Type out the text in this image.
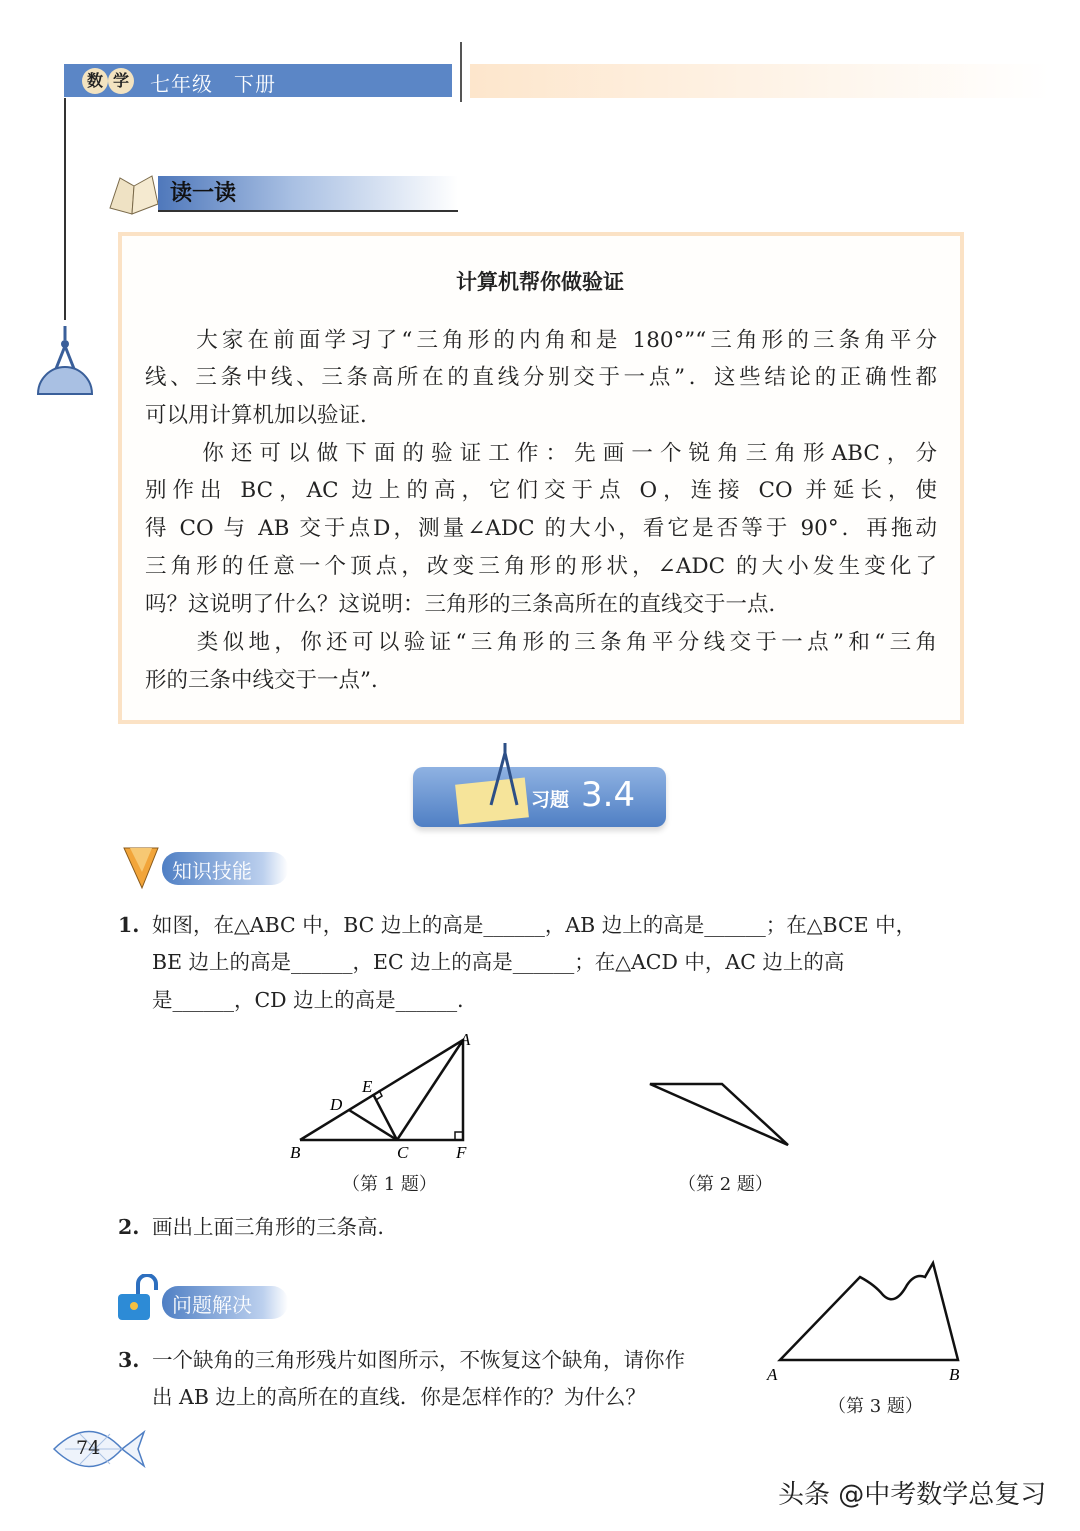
数 学 七年级　下册
读一读
计算机帮你做验证
　　大家在前面学习了“三角形的内角和是 180°”“三角形的三条角平分
线、三条中线、三条高所在的直线分别交于一点”．这些结论的正确性都
可以用计算机加以验证．
　　你还可以做下面的验证工作：先画一个锐角三角形ABC，分
别作出 BC，AC 边上的高，它们交于点 O，连接 CO 并延长，使
得 CO 与 AB 交于点D，测量∠ADC 的大小，看它是否等于 90°．再拖动
三角形的任意一个顶点，改变三角形的形状，∠ADC 的大小发生变化了
吗？这说明了什么？这说明：三角形的三条高所在的直线交于一点．
　　类似地，你还可以验证“三角形的三条角平分线交于一点”和“三角
形的三条中线交于一点”．
习题 3.4
知识技能
1. 如图，在△ABC 中，BC 边上的高是______，AB 边上的高是______；在△BCE 中，
BE 边上的高是______，EC 边上的高是______；在△ACD 中，AC 边上的高
是______，CD 边上的高是______．
A
B	C
D
E
F
（第 1 题）	（第 2 题）
2. 画出上面三角形的三条高．
问题解决
3. 一个缺角的三角形残片如图所示，不恢复这个缺角，请你作
出 AB 边上的高所在的直线．你是怎样作的？为什么？
A	B
（第 3 题）
74
头条 @中考数学总复习
